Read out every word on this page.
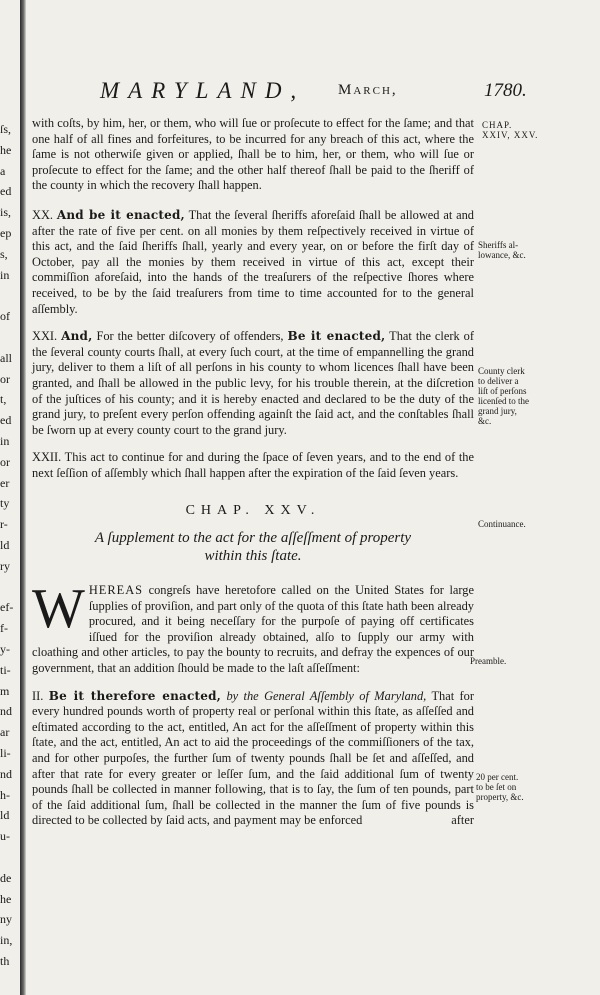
ſs,
he
a
ed
is,
ep
s,
in
of
all
or
t,
ed
in
or
er
ty
r-
ld
ry
ef-
f-
y-
ti-
m
nd
ar
li-
nd
h-
ld
u-
de
he
ny
in,
th
MARYLAND, March,	1780.

with coſts, by him, her, or them, who will ſue or proſecute to effect for the ſame; and that one half of all fines and forfeitures, to be incurred for any breach of this act, where the ſame is not otherwiſe given or applied, ſhall be to him, her, or them, who will ſue or proſecute to effect for the ſame; and the other half thereof ſhall be paid to the ſheriff of the county in which the recovery ſhall happen.

XX. And be it enacted, That the ſeveral ſheriffs aforeſaid ſhall be allowed at and after the rate of five per cent. on all monies by them reſpectively received in virtue of this act, and the ſaid ſheriffs ſhall, yearly and every year, on or before the firſt day of October, pay all the monies by them received in virtue of this act, except their commiſſion aforeſaid, into the hands of the treaſurers of the reſpective ſhores where received, to be by the ſaid treaſurers from time to time accounted for to the general aſſembly.

XXI. And, For the better diſcovery of offenders, Be it enacted, That the clerk of the ſeveral county courts ſhall, at every ſuch court, at the time of empannelling the grand jury, deliver to them a liſt of all perſons in his county to whom licences ſhall have been granted, and ſhall be allowed in the public levy, for his trouble therein, at the diſcretion of the juſtices of his county; and it is hereby enacted and declared to be the duty of the grand jury, to preſent every perſon offending againſt the ſaid act, and the conſtables ſhall be ſworn up at every county court to the grand jury.

XXII. This act to continue for and during the ſpace of ſeven years, and to the end of the next ſeſſion of aſſembly which ſhall happen after the expiration of the ſaid ſeven years.

CHAP. XXV.
A ſupplement to the act for the aſſeſſment of property
within this ſtate.

W HEREAS congreſs have heretofore called on the United States for large ſupplies of proviſion, and part only of the quota of this ſtate hath been already procured, and it being neceſſary for the purpoſe of paying off certificates iſſued for the proviſion already obtained, alſo to ſupply our army with cloathing and other articles, to pay the bounty to recruits, and defray the expences of our government, that an addition ſhould be made to the laſt aſſeſſment:

II. Be it therefore enacted, by the General Aſſembly of Maryland, That for every hundred pounds worth of property real or perſonal within this ſtate, as aſſeſſed and eſtimated according to the act, entitled, An act for the aſſeſſment of property within this ſtate, and the act, entitled, An act to aid the proceedings of the commiſſioners of the tax, and for other purpoſes, the further ſum of twenty pounds ſhall be ſet and aſſeſſed, and after that rate for every greater or leſſer ſum, and the ſaid additional ſum of twenty pounds ſhall be collected in manner following, that is to ſay, the ſum of ten pounds, part of the ſaid additional ſum, ſhall be collected in the manner the ſum of five pounds is directed to be collected by ſaid acts, and payment may be enforced	after

CHAP.
XXIV, XXV.
Sheriffs al-
lowance, &c.
County clerk
to deliver a
liſt of perſons
licenſed to the
grand jury,
&c.
Continuance.
Preamble.
20 per cent.
to be ſet on
property, &c.
